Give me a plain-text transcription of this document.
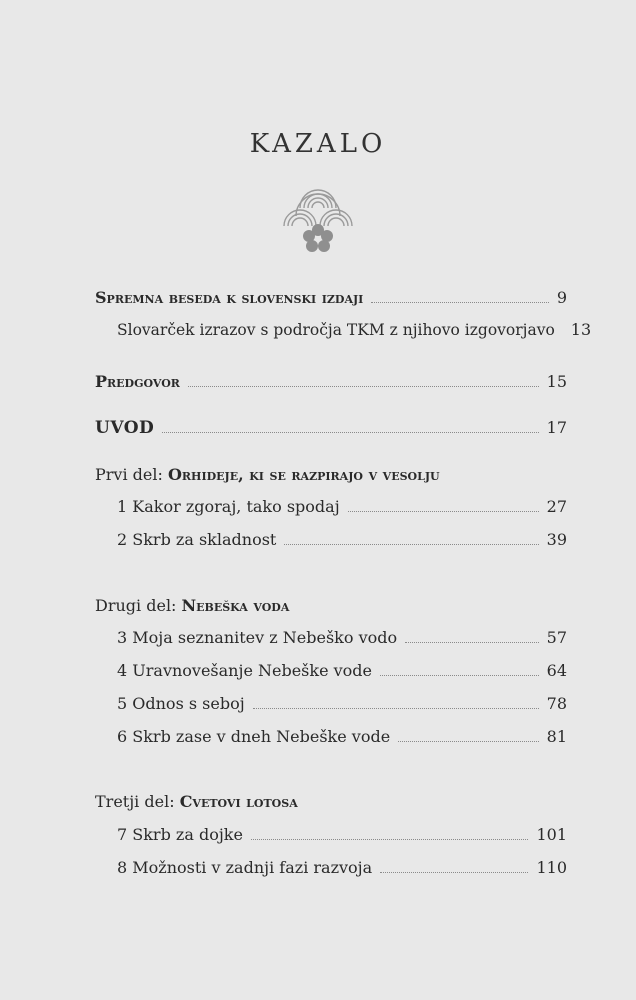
KAZALO
Spremna beseda k slovenski izdaji	9
Slovarček izrazov s področja TKM z njihovo izgovorjavo 13
Predgovor	15
UVOD	17
Prvi del: Orhideje, ki se razpirajo v vesolju
1 Kakor zgoraj, tako spodaj	27
2 Skrb za skladnost	39
Drugi del: Nebeška voda
3 Moja seznanitev z Nebeško vodo	57
4 Uravnovešanje Nebeške vode	64
5 Odnos s seboj	78
6 Skrb zase v dneh Nebeške vode	81
Tretji del: Cvetovi lotosa
7 Skrb za dojke	101
8 Možnosti v zadnji fazi razvoja	110
